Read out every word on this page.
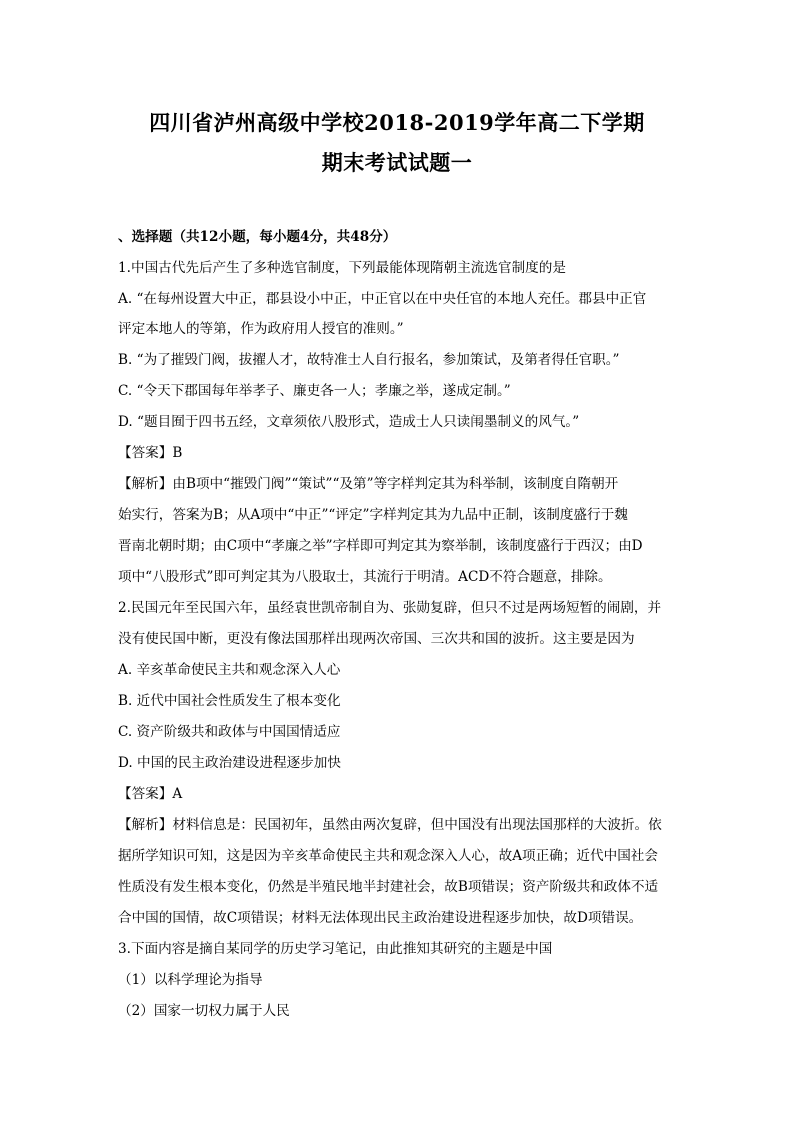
四川省泸州高级中学校2018-2019学年高二下学期
期末考试试题一
、选择题（共12小题，每小题4分，共48分）
1.中国古代先后产生了多种选官制度，下列最能体现隋朝主流选官制度的是
A. “在每州设置大中正，郡县设小中正，中正官以在中央任官的本地人充任。郡县中正官
评定本地人的等第，作为政府用人授官的准则。”
B. “为了摧毁门阀，拔擢人才，故特准士人自行报名，参加策试，及第者得任官职。”
C. “令天下郡国每年举孝子、廉吏各一人；孝廉之举，遂成定制。”
D. “题目囿于四书五经，文章须依八股形式，造成士人只读闱墨制义的风气。”
【答案】B
【解析】由B项中“摧毁门阀”“策试”“及第”等字样判定其为科举制，该制度自隋朝开
始实行，答案为B；从A项中“中正”“评定”字样判定其为九品中正制，该制度盛行于魏
晋南北朝时期；由C项中“孝廉之举”字样即可判定其为察举制，该制度盛行于西汉；由D
项中“八股形式”即可判定其为八股取士，其流行于明清。ACD不符合题意，排除。
2.民国元年至民国六年，虽经袁世凯帝制自为、张勋复辟，但只不过是两场短暂的闹剧，并
没有使民国中断，更没有像法国那样出现两次帝国、三次共和国的波折。这主要是因为
A. 辛亥革命使民主共和观念深入人心
B. 近代中国社会性质发生了根本变化
C. 资产阶级共和政体与中国国情适应
D. 中国的民主政治建设进程逐步加快
【答案】A
【解析】材料信息是：民国初年，虽然由两次复辟，但中国没有出现法国那样的大波折。依
据所学知识可知，这是因为辛亥革命使民主共和观念深入人心，故A项正确；近代中国社会
性质没有发生根本变化，仍然是半殖民地半封建社会，故B项错误；资产阶级共和政体不适
合中国的国情，故C项错误；材料无法体现出民主政治建设进程逐步加快，故D项错误。
3.下面内容是摘自某同学的历史学习笔记，由此推知其研究的主题是中国
（1）以科学理论为指导
（2）国家一切权力属于人民
